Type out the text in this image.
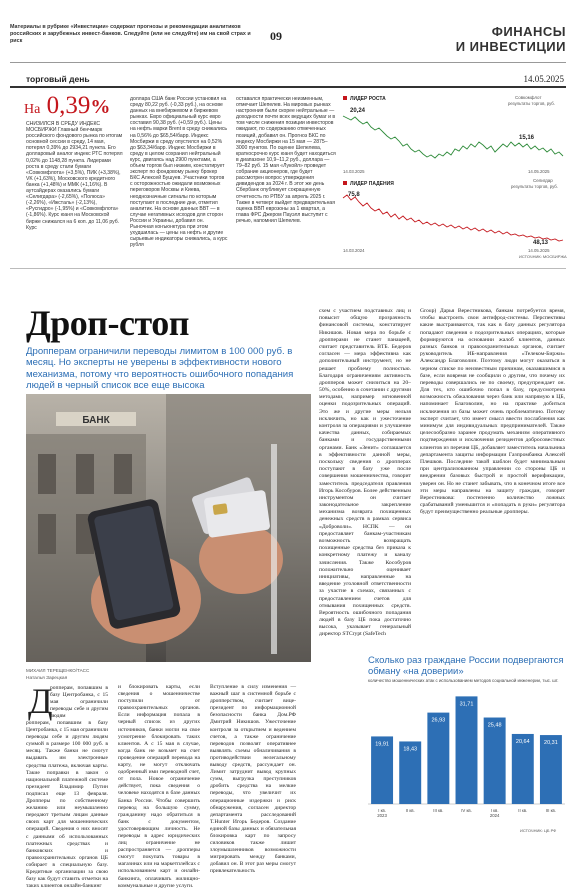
Материалы в рубрике «Инвестиции» содержат прогнозы и рекомендации аналитиков российских и зарубежных инвест-банков. Следуйте (или не следуйте) им на свой страх и риск	09	ФИНАНСЫ
И ИНВЕСТИЦИИ
торговый день	14.05.2025
На 0,39%
СНИЗИЛСЯ В СРЕДУ ИНДЕКС МОСБИРЖИ Главный бенчмарк российского фондового рынка по итогам основной сессии в среду, 14 мая, потерял 0,39% до 2934,21 пункта. Его долларовый аналог индекс РТС потерял 0,02% до 1148,28 пункта. Лидерами роста в среду стали бумаги «Совкомфлота» (+3,5%), ПИК (+3,38%), VK (+1,63%), Московского кредитного банка (+1,48%) и ММК (+1,16%). В аутсайдерах оказались бумаги «Селигдара» (-2,65%), «Полюса» (-2,26%), «Ижсталь» (-2,13%), «Русгидро» (-1,95%) и «Совкомфлота» (-1,86%). Курс юаня на Московской бирже снижался на 6 коп. до 11,06 руб. Курс
доллара США банк России установил на среду 80,22 руб. (-0,33 руб.), на основе данных на внебиржевом и биржевом рынках. Евро официальный курс евро составил 90,38 руб. (+0,59 руб.). Цены на нефть марки Brent в среду снижались на 0,56% до $65,54/барр. Индекс Мосбиржи в среду опустился на 0,52% до $63,34/барр. Индекс Мосбиржи в среду в целом сохранил нейтральный курс, двигаясь над 2900 пунктами, а объем торгов был низким, констатирует эксперт по фондовому рынку брокер БКС Алексей Бушуев. Участники торгов с осторожностью ожидали возможных переговоров Москвы и Киева, неоднозначные сигналы по которым поступают в последние дни, отметил аналитик. На основе данных ВВТ — в случае негативных исходов для сторон России и Украины, добавил он. Рыночная конъюнктура при этом ухудшилась — цены на нефть и другие сырьевые индикаторы снижались, а курс рубля
оставался практически неизменным, отмечает Шепелев. На мировых рынках настроения были скорее нейтральные — доходности почти всех ведущих бумаг и в том числе снижения позиции инвесторов ожидают, по содержанию отмеченных позиций, добавил он. Прогноз БКС по индексу Мосбиржи на 15 мая — 2875–3000 пунктов. По оценке Шепелева, краткосрочно курс юаня будет находиться в диапазоне 10,9–11,2 руб., доллара — 79–82 руб. 15 мая «Лукойл» проведет собрание акционеров, где будет рассмотрен вопрос утверждения дивидендов за 2024 г. В этот же день Сбербанк опубликует сокращенную отчетность по РПБУ за апрель 2025 г. Также в четверг выйдет предварительная оценка ВВП еврозоны за 1 квартал, а глава ФРС Джером Пауэлл выступит с речью, напомнил Шепелев.
ЛИДЕР РОСТА
20,24
15,16
Совкомфлот
результаты торгов, руб.
14.03.2025	14.05.2025
ЛИДЕР ПАДЕНИЯ
75,8
48,13
Селигдар
результаты торгов, руб.
14.03.2024	14.05.2025
ИСТОЧНИК: МОСБИРЖА
Дроп-стоп
Дропперам ограничили переводы лимитом в 100 000 руб. в месяц. Но эксперты не уверены в эффективности нового механизма, потому что вероятность ошибочного попадания людей в черный список все еще высока
БАНК
МИХАИЛ ТЕРЕЩЕНКО/ТАСС
Наталья Зарецкая
Д
ропперам, попавшим в базу Центробанка, с 15 мая ограничили переводы себе и другим людям
ропперам, попавшим в базу Центробанка, с 15 мая ограничили переводы себе и другим людям суммой в размере 100 000 руб. в месяц. Также банки не смогут выдавать им электронные средства платежа, включая карты. Такие поправки в закон о национальной платежной системе президент Владимир Путин подписал еще 13 февраля. Дропперы по собственному желанию или неумышленно передают третьим лицам данные своих карт для мошеннических операций. Сведения о них вносят с данными об использованных платежных средствах и банковских и правоохранительных органов ЦБ собирает в специальную базу. Кредитные организации за свою базу как будут ставить отметки на таких клиентов онлайн-банкинг
и блокировать карты, если сведения о мошенничестве поступили от правоохранительных органов. Если информация попала в черный список из других источников, банки могли на свое усмотрение блокировать таких клиентов. А с 15 мая в случае, когда банк не возьмет на счет проведение операций перевода на карту, не могут отключать одобренный ими переводной счет, от пола. Новое ограничение действует, пока сведения о человеке находятся в базе данных Банка России. Чтобы совершить перевод на большую сумму, гражданину надо обратиться в банк с документом, удостоверяющим личность. Не переводы в адрес юридических лиц ограничение не распространяется — дропперы смогут покупать товары в магазинах или на маркетплейсах с использованием карт и онлайн-банкинга, оплачивать жилищно-коммунальные и другие услуги.
Вступление в силу изменения — важный шаг в системной борьбе с дропперством, считает вице-президент по информационной безопасности банка Дом.РФ Дмитрий Никишов. Ужесточение контроля за открытием и ведением счетов, а также ограничение переводов позволят оперативнее выявлять схемы обналичивания в противодействии нелегальному выводу средств, рассуждает он. Лимит затруднит вывод крупных сумм, выгрузка преступников дробить средства на мелкие переводы, что увеличит их операционные издержки и риск обнаружения, согласен директор департамента расследований T.Hunter Игорь Бедеров. Создание единой базы данных и обязательная блокировка карт по запросу силовиков также лишит злоумышленников возможности мигрировать между банками, добавил он. В этот раз меры смогут привлекательность
схем с участием подставных лиц и повысит общую прозрачность финансовой системы, констатирует Никишов. Новая мера по борьбе с дропперами не станет панацеей, считает представитель ВТБ. Бедеров согласен — мера эффективна как дополнительный инструмент, но не решает проблему полностью. Благодаря ограничениям активность дропперов может снизиться на 20–50%, особенно в сочетании с другими методами, например мгновенной оценки подозрительных операций. Это же и другие меры нельзя исключить, но как и ужесточение контроля за операциями и улучшение качества данных, собираемых банками и государственными органами. Банк «Зенит» соглашается в эффективности данной меры, поскольку сведения о дропперах поступают в базу уже после совершения мошенничества, говорит заместитель председателя правления Игорь Кособуров. Более действенным инструментом он считает законодательное закрепление механизма возврата похищенных денежных средств в рамках сервиса «Доброволи». НСПК — он предоставляет банкам-участникам возможность возвращать похищенные средства без приказа к конкретному платежу и каналу зачисления. Также Кособуров положительно оценивает инициативы, направленные на введение уголовной ответственности за участие в схемах, связанных с предоставлением счетов для отмывания похищенных средств. Вероятность ошибочного попадания людей в базу ЦБ пока достаточно высока, указывает генеральный директор STCrypt (SafeTech
Group) Дарья Верестникова, банкам потребуется время, чтобы выстроить свои антифрод-системы. Перспективы какие выстраиваются, так как в базу данных регулятора попадают сведения о подозрительных операциях, которые формируются на основании жалоб клиентов, данных разных банков и правоохранительных органов, считает руководитель ИБ-направления «Телеком-Биржи» Александр Благоволин. Поэтому люди могут оказаться в черном списке по неизвестным причинам, оказавшимися в базе, если вовремя не сообщили о другим, что почему их переводы совершались не по своему, предупреждает он. Для тех, кто ошибочно попал в базу, предусмотрена возможность обжалования через банк или напрямую в ЦБ, напоминает Благоволин, но на практике добиться исключения из базы может очень проблематично. Потому эксперт считает, что имеет смысл ввести послабления как минимум для индивидуальных предпринимателей. Также целесообразно заранее продумать механизм оперативного подтверждения и исключения резидентов добросовестных клиентов из перечня ЦБ, добавляет заместитель начальника департамента защиты информации Газпромбанка Алексей Плешков. Последние такой шаблон будет минимальным при централизованном управлении со стороны ЦБ и внедрении базовых быстрой и простой верификации, уверен он. Но не станет забывать, что в конечном итоге все эти меры направлены на защиту граждан, говорит Верестникова: постепенно количество ложных срабатываний уменьшится и «попадать в руки» регулятора будут преимущественно реальные дропперы.
Сколько раз граждане России подвергаются обману «на доверии»
количество мошеннических атак с использованием методов социальной инженерии, тыс. шт.
19,91
I кв. 2023
18,43
II кв.
26,93
III кв.
31,71
IV кв.
25,48
I кв. 2024
20,64
II кв.
20,31
III кв.
ИСТОЧНИК: ЦБ РФ
